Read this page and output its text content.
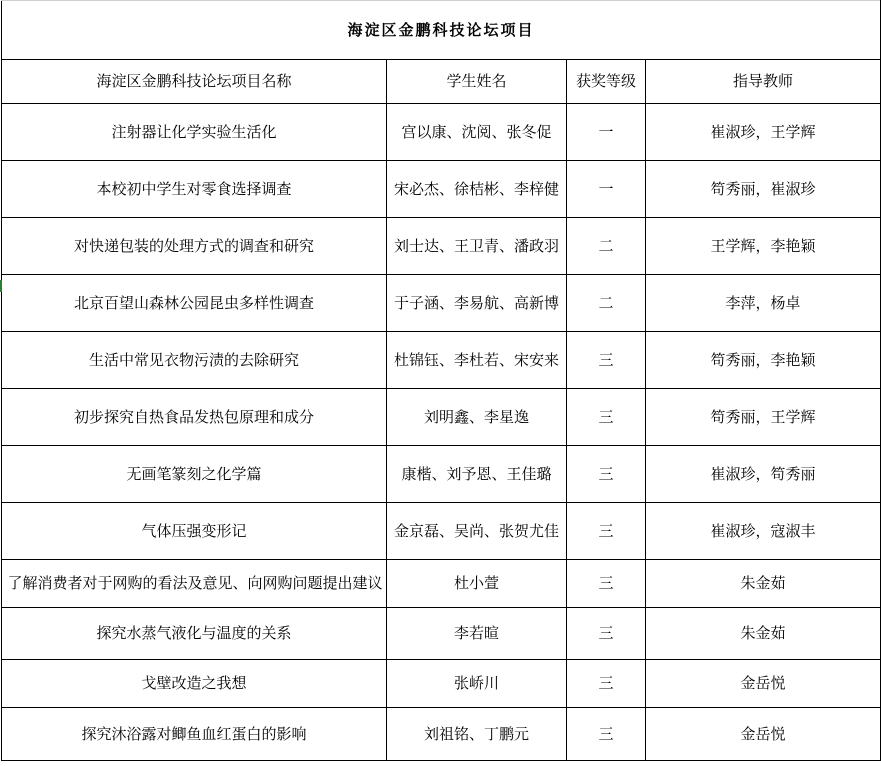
海淀区金鹏科技论坛项目			
海淀区金鹏科技论坛项目名称	学生姓名	获奖等级	指导教师
注射器让化学实验生活化	宫以康、沈阅、张冬促	一	崔淑珍，王学辉
本校初中学生对零食选择调查	宋必杰、徐桔彬、李梓健	一	笱秀丽，崔淑珍
对快递包装的处理方式的调查和研究	刘士达、王卫青、潘政羽	二	王学辉，李艳颖
北京百望山森林公园昆虫多样性调查	于子涵、李易航、高新博	二	李萍，杨卓
生活中常见衣物污渍的去除研究	杜锦钰、李杜若、宋安来	三	笱秀丽，李艳颖
初步探究自热食品发热包原理和成分	刘明鑫、李星逸	三	笱秀丽，王学辉
无画笔篆刻之化学篇	康楷、刘予恩、王佳璐	三	崔淑珍，笱秀丽
气体压强变形记	金京磊、吴尚、张贺尤佳	三	崔淑珍，寇淑丰
了解消费者对于网购的看法及意见、向网购问题提出建议	杜小萱	三	朱金茹
探究水蒸气液化与温度的关系	李若暄	三	朱金茹
戈壁改造之我想	张峤川	三	金岳悦
探究沐浴露对鲫鱼血红蛋白的影响	刘祖铭、丁鹏元	三	金岳悦
